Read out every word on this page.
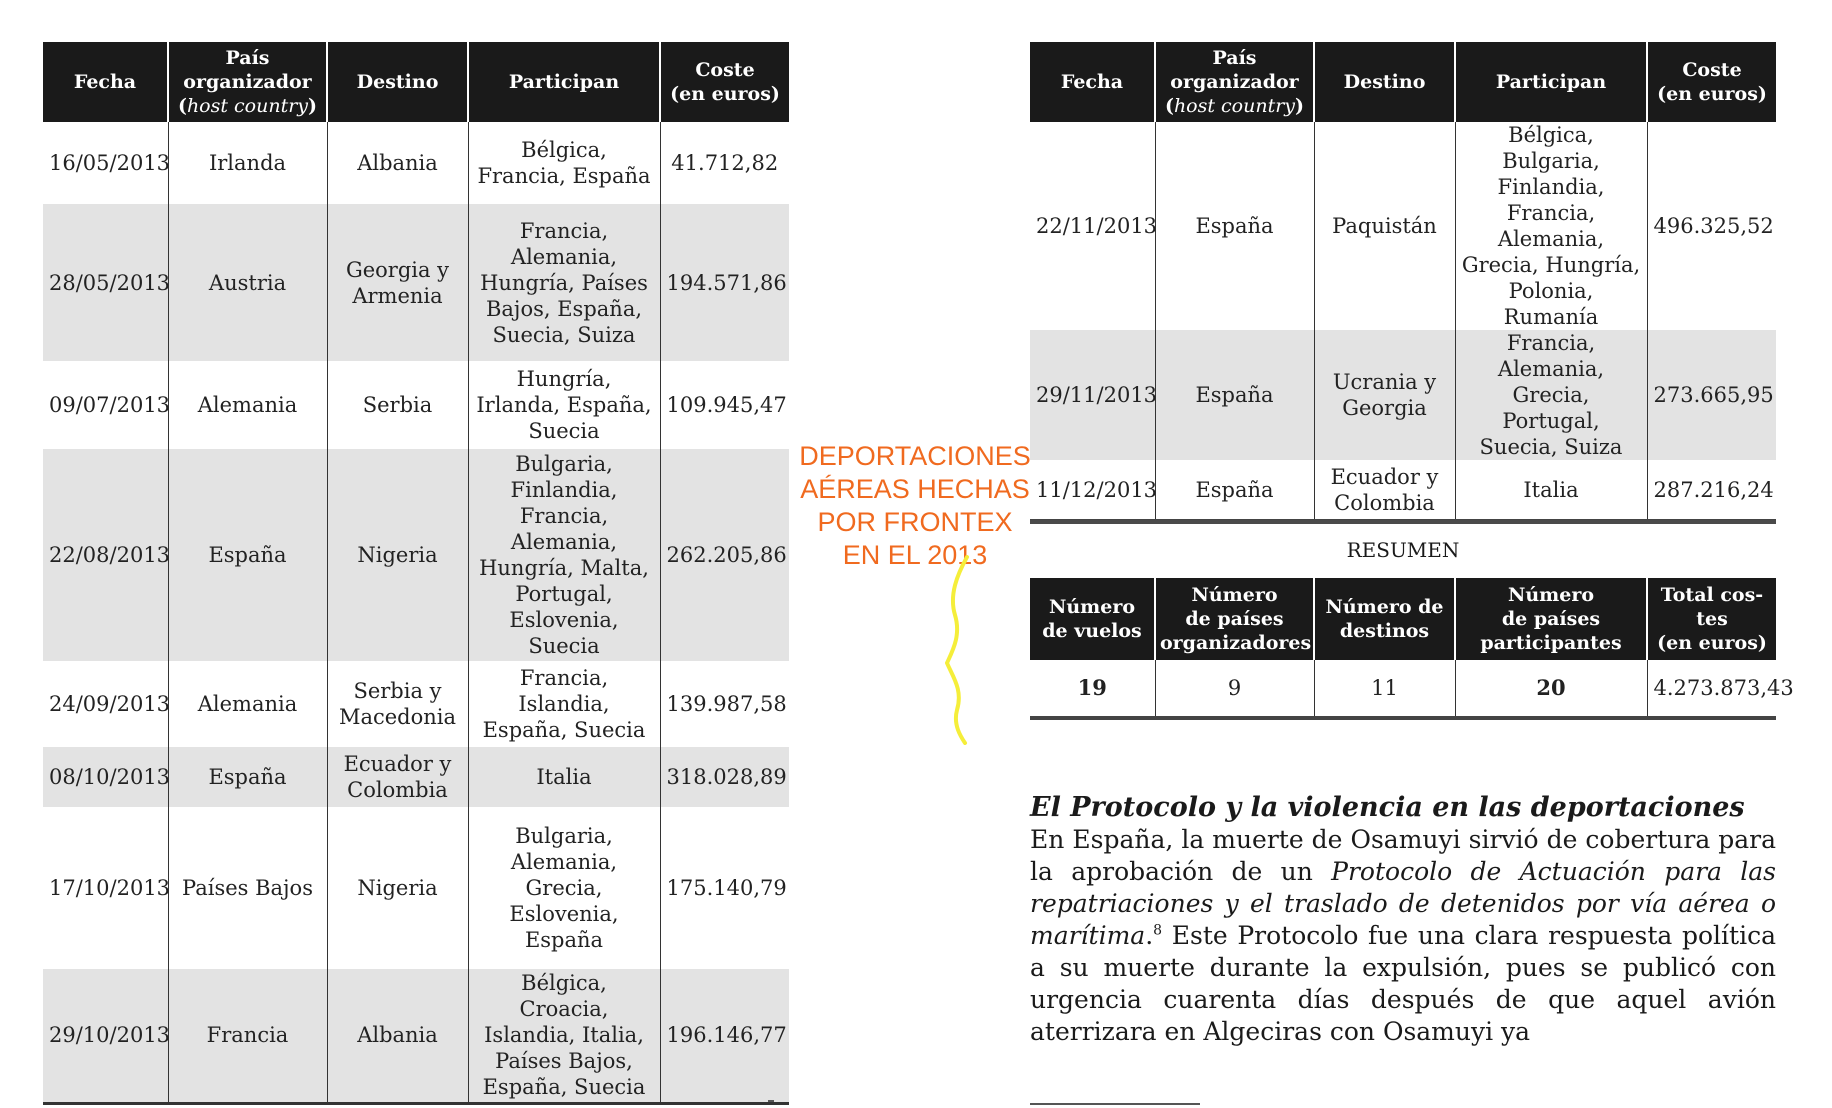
Fecha	País
organizador
(host country)	Destino	Participan	Coste
(en euros)
16/05/2013	Irlanda	Albania	Bélgica, Francia, España	41.712,82
28/05/2013	Austria	Georgia y Armenia	Francia, Alemania, Hungría, Países Bajos, España, Suecia, Suiza	194.571,86
09/07/2013	Alemania	Serbia	Hungría, Irlanda, España, Suecia	109.945,47
22/08/2013	España	Nigeria	Bulgaria, Finlandia, Francia, Alemania, Hungría, Malta, Portugal, Eslovenia, Suecia	262.205,86
24/09/2013	Alemania	Serbia y Macedonia	Francia, Islandia, España, Suecia	139.987,58
08/10/2013	España	Ecuador y Colombia	Italia	318.028,89
17/10/2013	Países Bajos	Nigeria	Bulgaria, Alemania, Grecia, Eslovenia, España	175.140,79
29/10/2013	Francia	Albania	Bélgica, Croacia, Islandia, Italia, Países Bajos, España, Suecia	196.146,77
Fecha	País
organizador
(host country)	Destino	Participan	Coste
(en euros)
22/11/2013	España	Paquistán	Bélgica, Bulgaria, Finlandia, Francia, Alemania, Grecia, Hungría, Polonia, Rumanía	496.325,52
29/11/2013	España	Ucrania y Georgia	Francia, Alemania, Grecia, Portugal, Suecia, Suiza	273.665,95
11/12/2013	España	Ecuador y Colombia	Italia	287.216,24
RESUMEN
Número
de vuelos	Número
de países
organizadores	Número de
destinos	Número
de países
participantes	Total cos-
tes
(en euros)
19	9	11	20	4.273.873,43
DEPORTACIONES
AÉREAS HECHAS
POR FRONTEX
EN EL 2013
El Protocolo y la violencia en las deportaciones

En España, la muerte de Osamuyi sirvió de cobertura para la aprobación de un Protocolo de Actuación para las repatriaciones y el traslado de detenidos por vía aérea o marítima.$^8$ Este Protocolo fue una clara respuesta política a su muerte durante la expulsión, pues se publicó con urgencia cuarenta días después de que aquel avión aterrizara en Algeciras con Osamuyi ya
